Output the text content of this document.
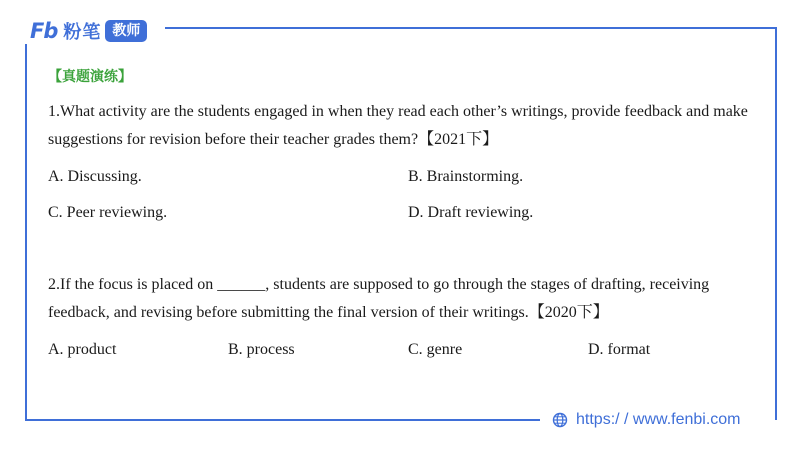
Fb 粉笔 教师
【真题演练】
1.What activity are the students engaged in when they read each other’s writings, provide feedback and make suggestions for revision before their teacher grades them?【2021下】
A. Discussing.	B. Brainstorming.
C. Peer reviewing.	D. Draft reviewing.
2.If the focus is placed on ______, students are supposed to go through the stages of drafting, receiving feedback, and revising before submitting the final version of their writings.【2020下】
A. product	B. process	C. genre	D. format
https:/ / www.fenbi.com
